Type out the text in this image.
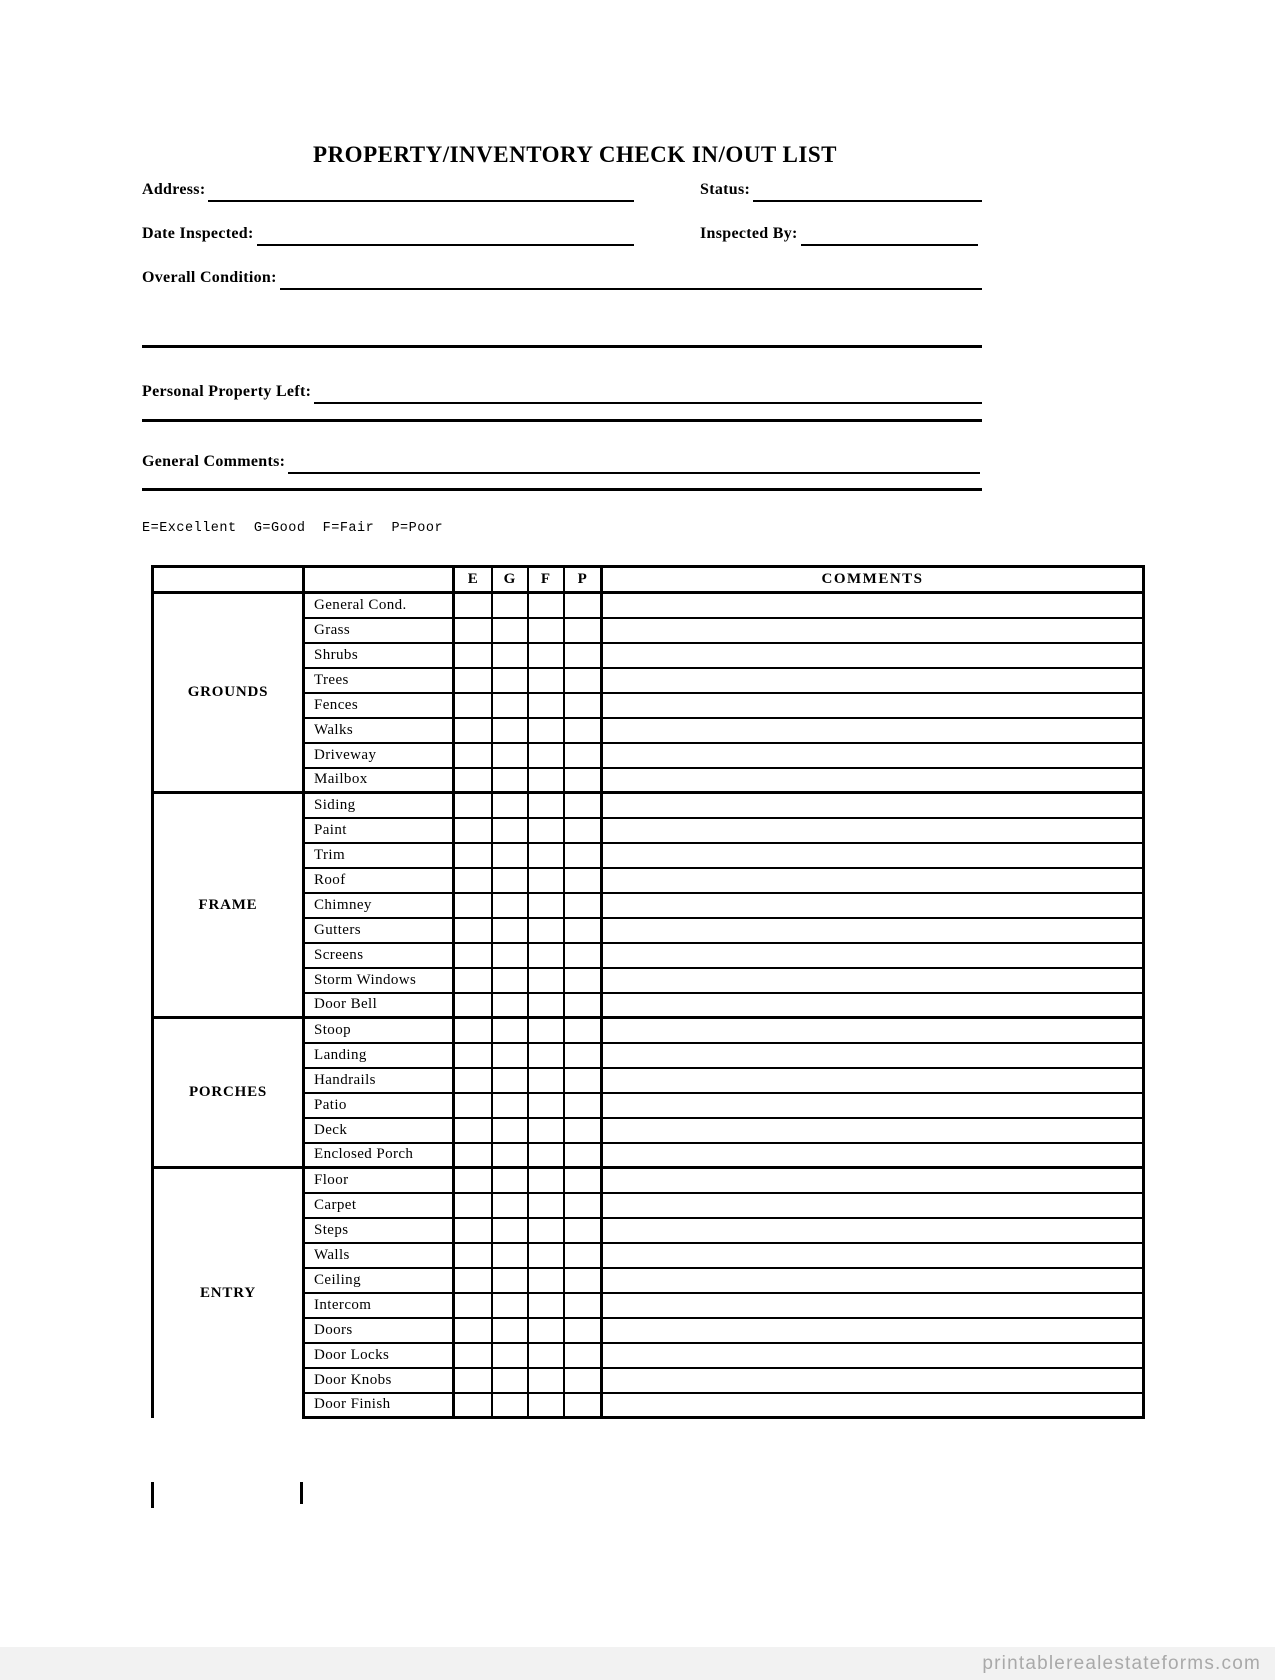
PROPERTY/INVENTORY CHECK IN/OUT LIST
Address:	Status:
Date Inspected:	Inspected By:
Overall Condition:
Personal Property Left:
General Comments:
E=Excellent  G=Good  F=Fair  P=Poor
		E	G	F	P	COMMENTS
GROUNDS	General Cond.					
	Grass					
	Shrubs					
	Trees					
	Fences					
	Walks					
	Driveway					
	Mailbox					
FRAME	Siding					
	Paint					
	Trim					
	Roof					
	Chimney					
	Gutters					
	Screens					
	Storm Windows					
	Door Bell					
PORCHES	Stoop					
	Landing					
	Handrails					
	Patio					
	Deck					
	Enclosed Porch					
ENTRY	Floor					
	Carpet					
	Steps					
	Walls					
	Ceiling					
	Intercom					
	Doors					
	Door Locks					
	Door Knobs					
	Door Finish					
printablerealestateforms.com
